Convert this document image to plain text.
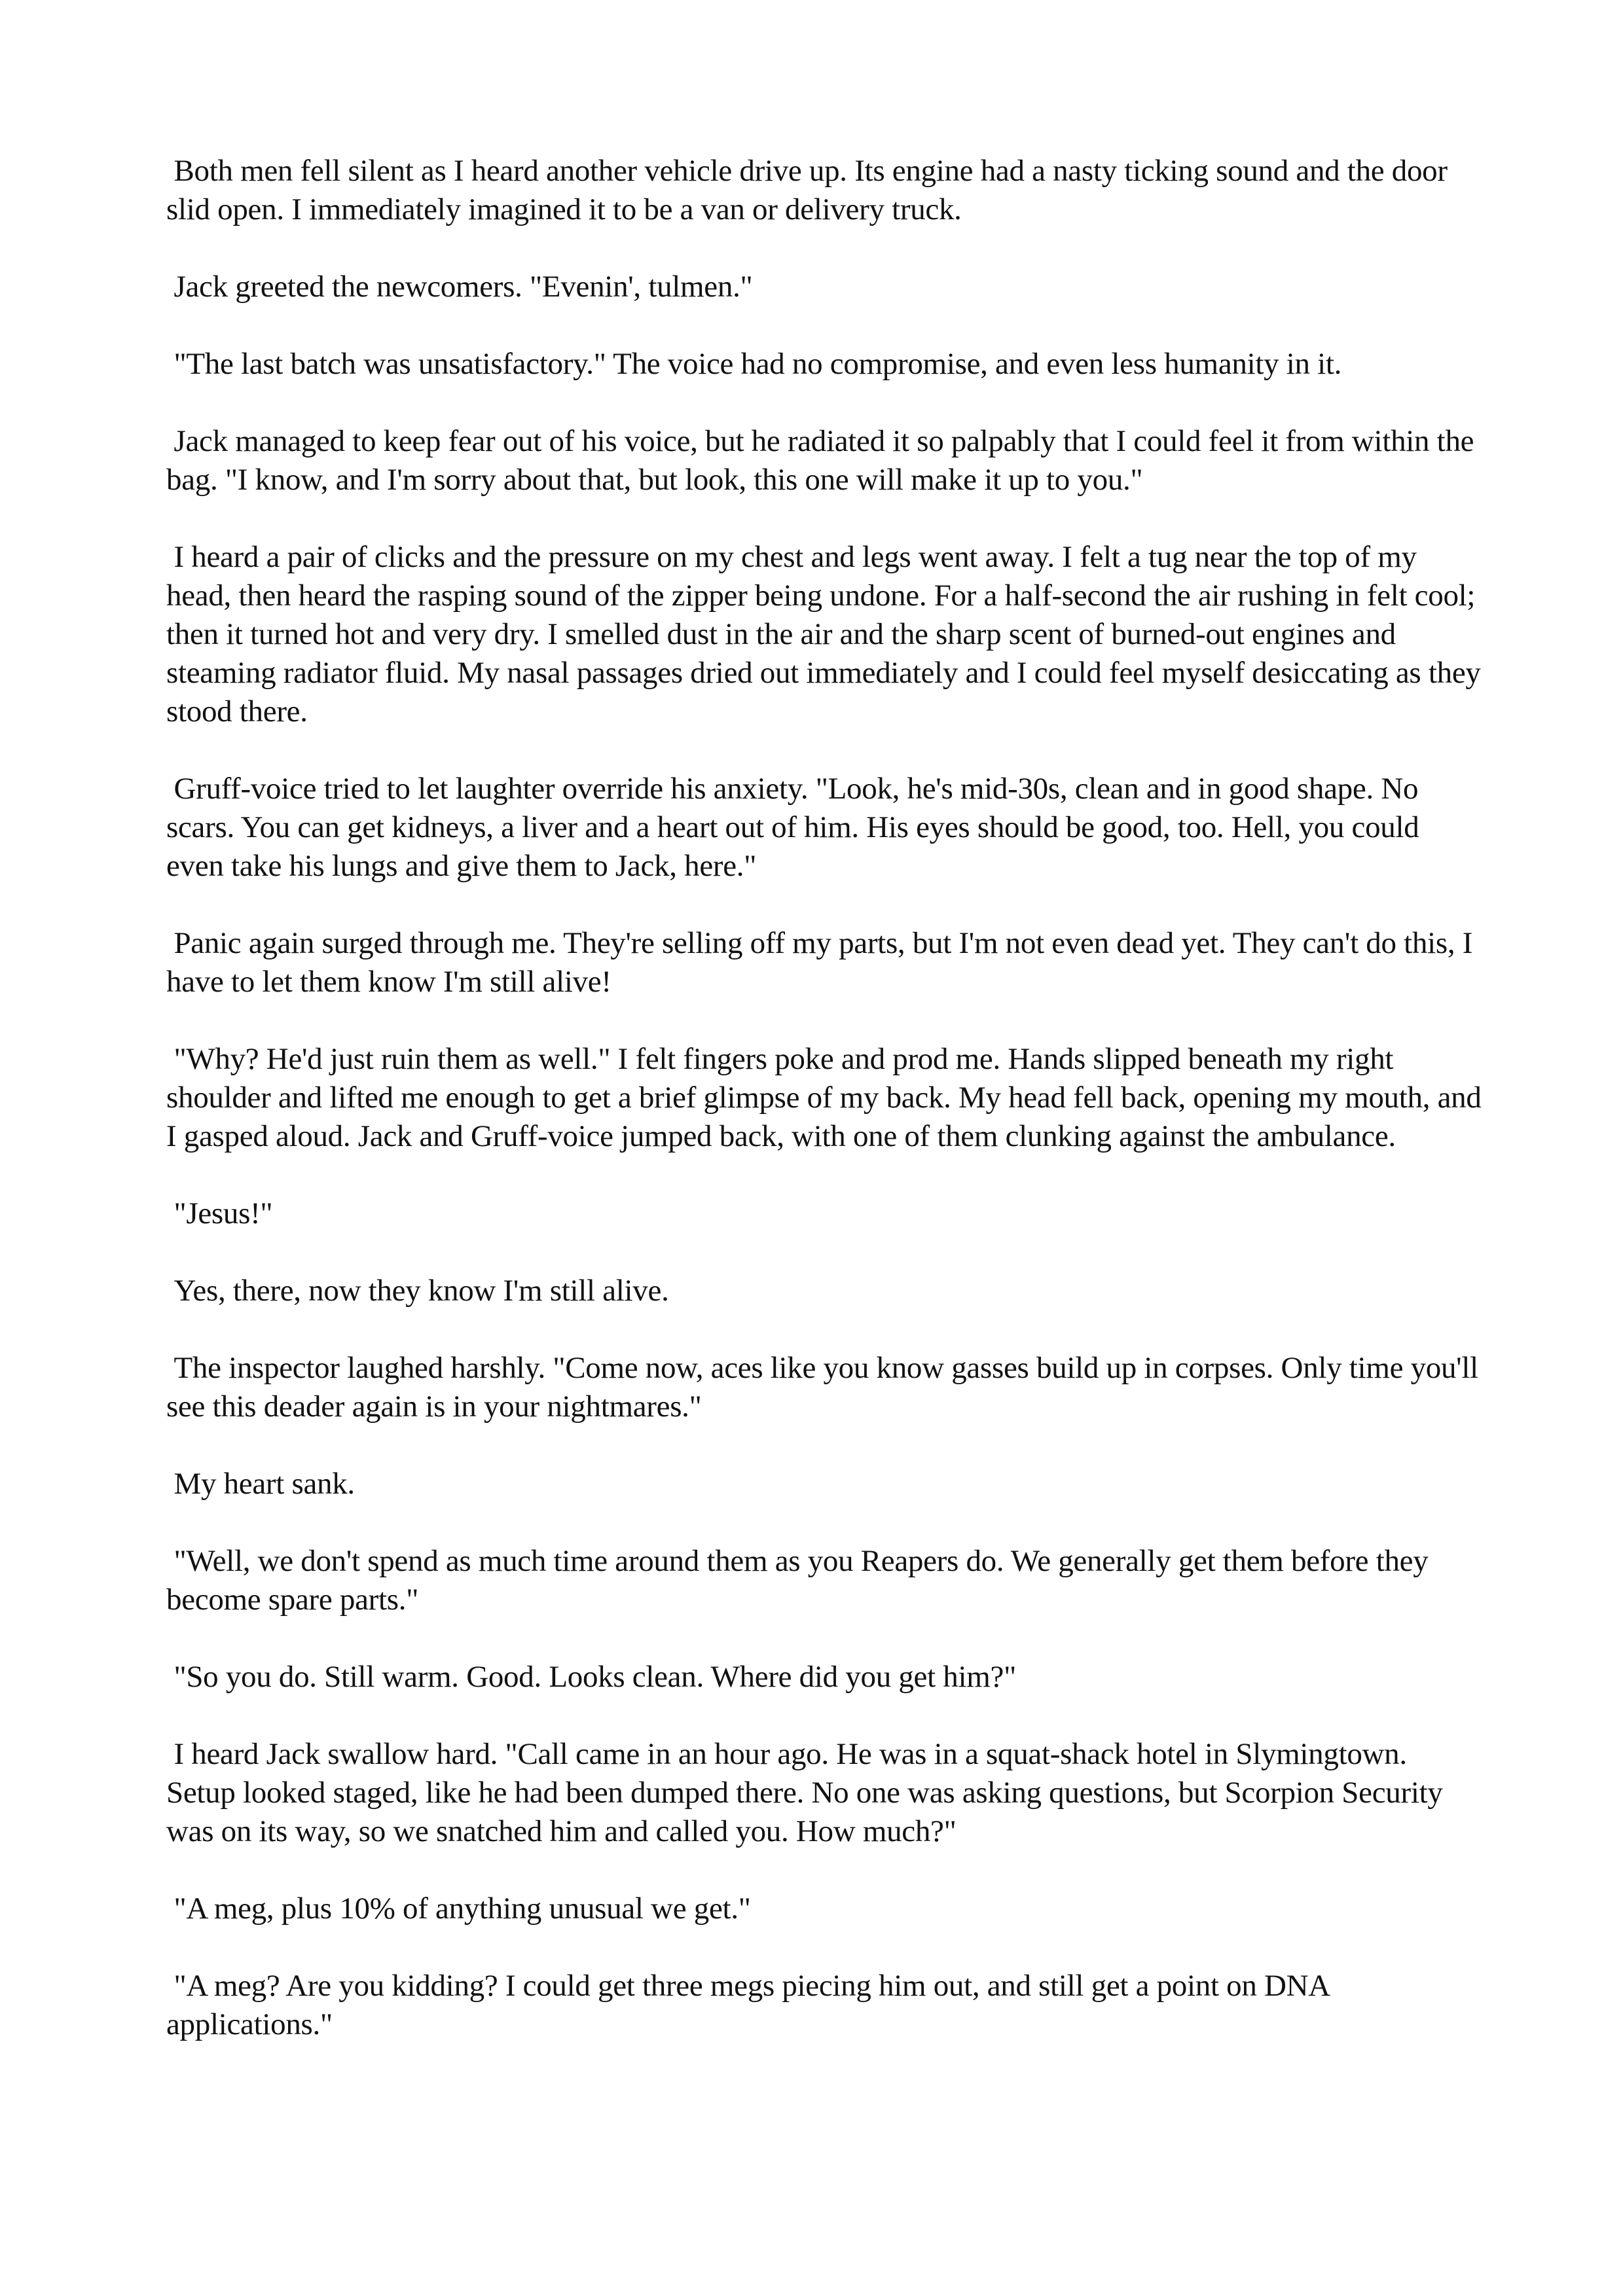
Both men fell silent as I heard another vehicle drive up. Its engine had a nasty ticking sound and the door slid open. I immediately imagined it to be a van or delivery truck.

Jack greeted the newcomers. "Evenin', tulmen."

"The last batch was unsatisfactory." The voice had no compromise, and even less humanity in it.

Jack managed to keep fear out of his voice, but he radiated it so palpably that I could feel it from within the bag. "I know, and I'm sorry about that, but look, this one will make it up to you."

I heard a pair of clicks and the pressure on my chest and legs went away. I felt a tug near the top of my head, then heard the rasping sound of the zipper being undone. For a half-second the air rushing in felt cool; then it turned hot and very dry. I smelled dust in the air and the sharp scent of burned-out engines and steaming radiator fluid. My nasal passages dried out immediately and I could feel myself desiccating as they stood there.

Gruff-voice tried to let laughter override his anxiety. "Look, he's mid-30s, clean and in good shape. No scars. You can get kidneys, a liver and a heart out of him. His eyes should be good, too. Hell, you could even take his lungs and give them to Jack, here."

Panic again surged through me. They're selling off my parts, but I'm not even dead yet. They can't do this, I have to let them know I'm still alive!

"Why? He'd just ruin them as well." I felt fingers poke and prod me. Hands slipped beneath my right shoulder and lifted me enough to get a brief glimpse of my back. My head fell back, opening my mouth, and I gasped aloud. Jack and Gruff-voice jumped back, with one of them clunking against the ambulance.

"Jesus!"

Yes, there, now they know I'm still alive.

The inspector laughed harshly. "Come now, aces like you know gasses build up in corpses. Only time you'll see this deader again is in your nightmares."

My heart sank.

"Well, we don't spend as much time around them as you Reapers do. We generally get them before they become spare parts."

"So you do. Still warm. Good. Looks clean. Where did you get him?"

I heard Jack swallow hard. "Call came in an hour ago. He was in a squat-shack hotel in Slymingtown. Setup looked staged, like he had been dumped there. No one was asking questions, but Scorpion Security was on its way, so we snatched him and called you. How much?"

"A meg, plus 10% of anything unusual we get."

"A meg? Are you kidding? I could get three megs piecing him out, and still get a point on DNA applications."
